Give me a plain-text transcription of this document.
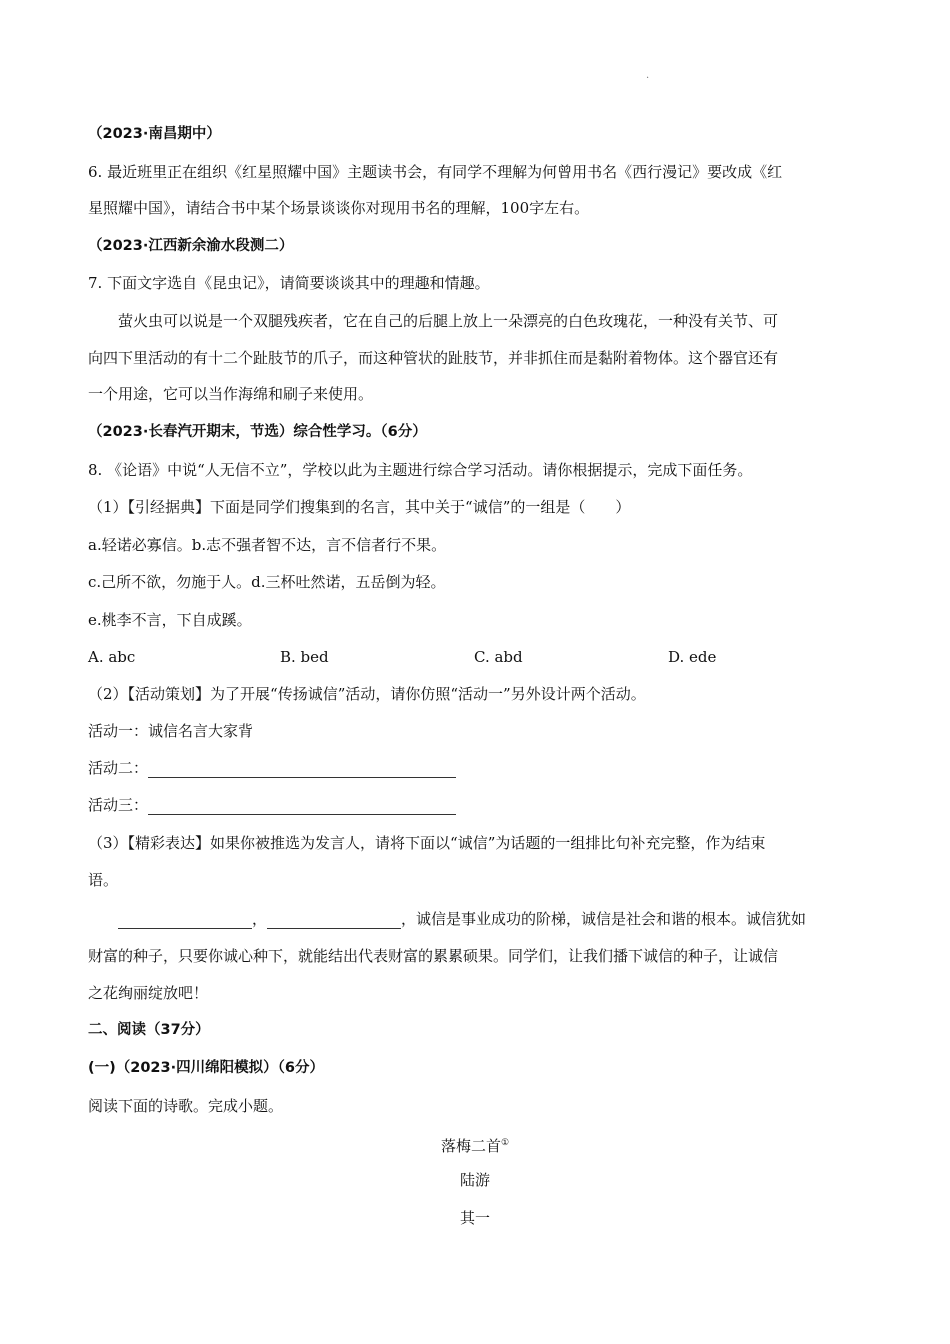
.
（2023·南昌期中）
6. 最近班里正在组织《红星照耀中国》主题读书会，有同学不理解为何曾用书名《西行漫记》要改成《红
星照耀中国》，请结合书中某个场景谈谈你对现用书名的理解，100字左右。
（2023·江西新余渝水段测二）
7. 下面文字选自《昆虫记》，请简要谈谈其中的理趣和情趣。
萤火虫可以说是一个双腿残疾者，它在自己的后腿上放上一朵漂亮的白色玫瑰花，一种没有关节、可
向四下里活动的有十二个趾肢节的爪子，而这种管状的趾肢节，并非抓住而是黏附着物体。这个器官还有
一个用途，它可以当作海绵和刷子来使用。
（2023·长春汽开期末，节选）综合性学习。（6分）
8. 《论语》中说“人无信不立”，学校以此为主题进行综合学习活动。请你根据提示，完成下面任务。
（1）【引经据典】下面是同学们搜集到的名言，其中关于“诚信”的一组是（　　）
a.轻诺必寡信。b.志不强者智不达，言不信者行不果。
c.己所不欲，勿施于人。d.三杯吐然诺，五岳倒为轻。
e.桃李不言，下自成蹊。
A. abc	B. bed	C. abd	D. ede
（2）【活动策划】为了开展“传扬诚信”活动，请你仿照“活动一”另外设计两个活动。
活动一：诚信名言大家背
活动二：
活动三：
（3）【精彩表达】如果你被推选为发言人，请将下面以“诚信”为话题的一组排比句补充完整，作为结束
语。
，	，诚信是事业成功的阶梯，诚信是社会和谐的根本。诚信犹如
财富的种子，只要你诚心种下，就能结出代表财富的累累硕果。同学们，让我们播下诚信的种子，让诚信
之花绚丽绽放吧！
二、阅读（37分）
(一)（2023·四川绵阳模拟）（6分）
阅读下面的诗歌。完成小题。
落梅二首①
陆游
其一
